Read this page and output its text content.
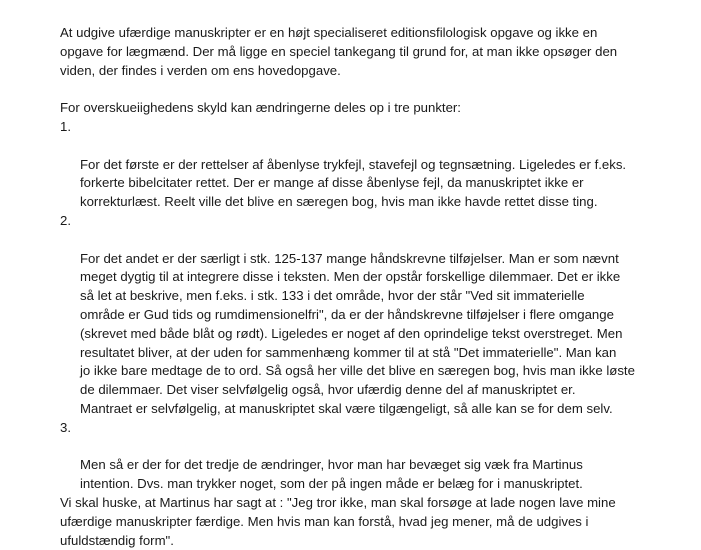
At udgive ufærdige manuskripter er en højt specialiseret editionsfilologisk opgave og ikke en
opgave for lægmænd. Der må ligge en speciel tankegang til grund for, at man ikke opsøger den
viden, der findes i verden om ens hovedopgave.

For overskueiighedens skyld kan ændringerne deles op i tre punkter:

1.

For det første er der rettelser af åbenlyse trykfejl, stavefejl og tegnsætning. Ligeledes er f.eks.
forkerte bibelcitater rettet. Der er mange af disse åbenlyse fejl, da manuskriptet ikke er
korrekturlæst. Reelt ville det blive en særegen bog, hvis man ikke havde rettet disse ting.

2.

For det andet er der særligt i stk. 125-137 mange håndskrevne tilføjelser. Man er som nævnt
meget dygtig til at integrere disse i teksten. Men der opstår forskellige dilemmaer. Det er ikke
så let at beskrive, men f.eks. i stk. 133 i det område, hvor der står "Ved sit immaterielle
område er Gud tids og rumdimensionelfri", da er der håndskrevne tilføjelser i flere omgange
(skrevet med både blåt og rødt). Ligeledes er noget af den oprindelige tekst overstreget. Men
resultatet bliver, at der uden for sammenhæng kommer til at stå "Det immaterielle". Man kan
jo ikke bare medtage de to ord. Så også her ville det blive en særegen bog, hvis man ikke løste
de dilemmaer. Det viser selvfølgelig også, hvor ufærdig denne del af manuskriptet er.
Mantraet er selvfølgelig, at manuskriptet skal være tilgængeligt, så alle kan se for dem selv.

3.

Men så er der for det tredje de ændringer, hvor man har bevæget sig væk fra Martinus
intention. Dvs. man trykker noget, som der på ingen måde er belæg for i manuskriptet.

Vi skal huske, at Martinus har sagt at : "Jeg tror ikke, man skal forsøge at lade nogen lave mine
ufærdige manuskripter færdige. Men hvis man kan forstå, hvad jeg mener, må de udgives i
ufuldstændig form".
